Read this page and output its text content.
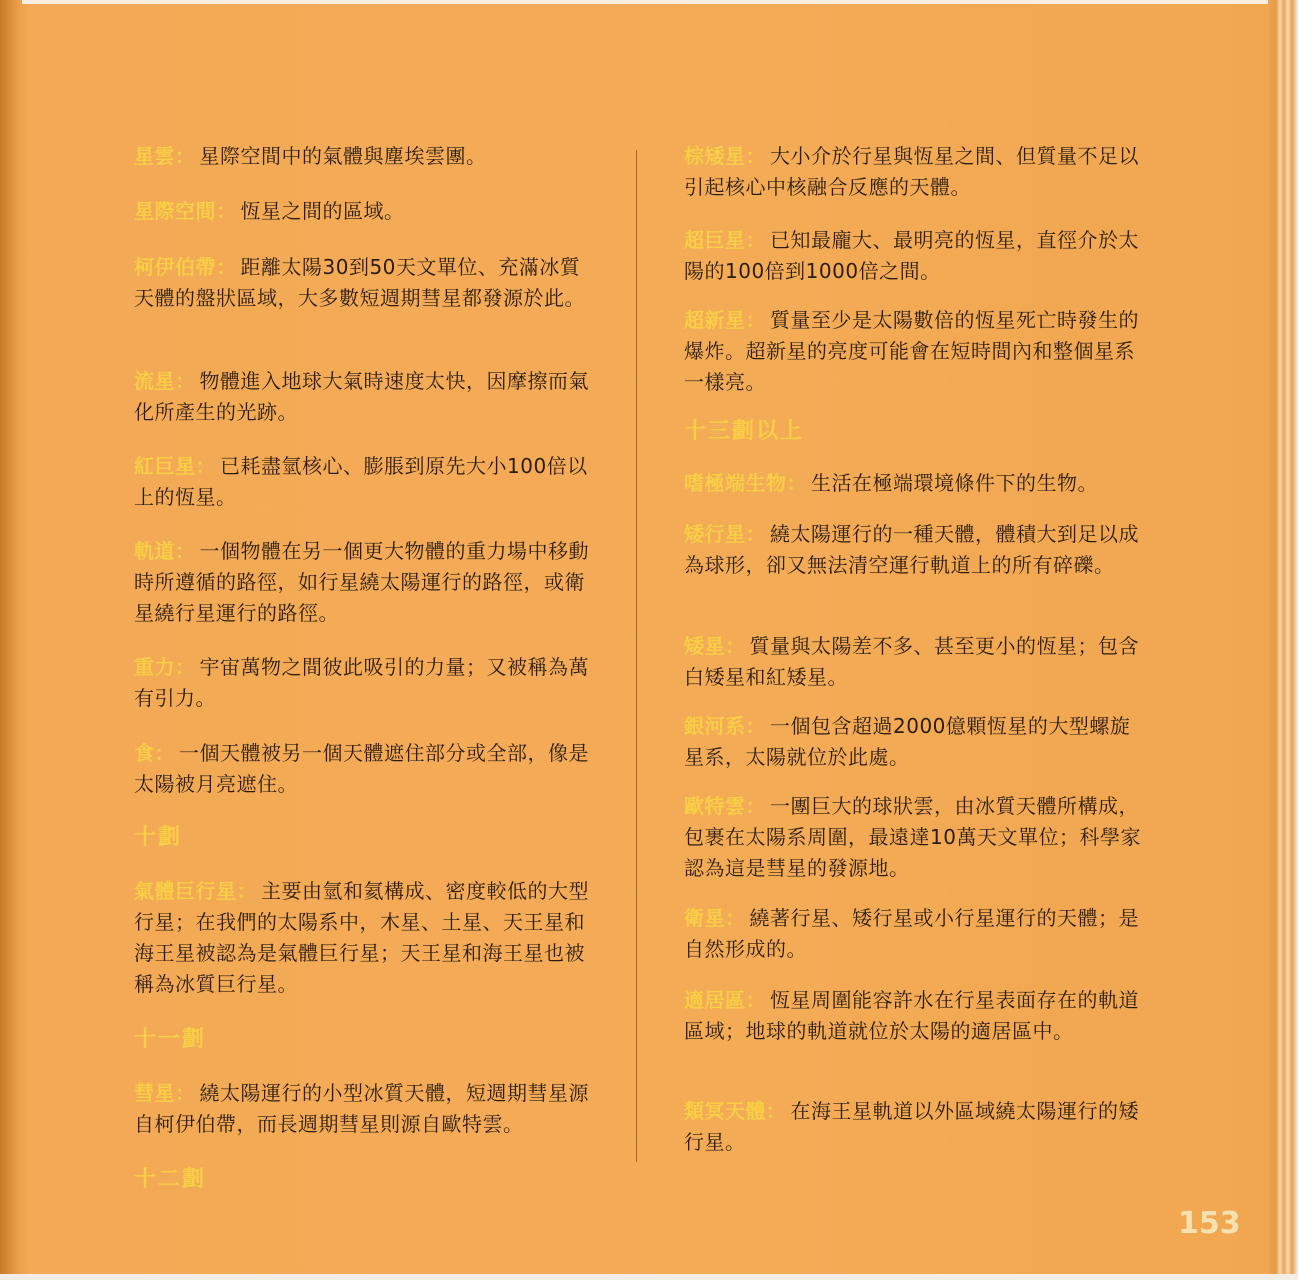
星雲： 星際空間中的氣體與塵埃雲團。
星際空間： 恆星之間的區域。
柯伊伯帶： 距離太陽30到50天文單位、充滿冰質天體的盤狀區域，大多數短週期彗星都發源於此。
流星： 物體進入地球大氣時速度太快，因摩擦而氣化所產生的光跡。
紅巨星： 已耗盡氫核心、膨脹到原先大小100倍以上的恆星。
軌道： 一個物體在另一個更大物體的重力場中移動時所遵循的路徑，如行星繞太陽運行的路徑，或衛星繞行星運行的路徑。
重力： 宇宙萬物之間彼此吸引的力量；又被稱為萬有引力。
食： 一個天體被另一個天體遮住部分或全部，像是太陽被月亮遮住。
十劃
氣體巨行星： 主要由氫和氦構成、密度較低的大型行星；在我們的太陽系中，木星、土星、天王星和海王星被認為是氣體巨行星；天王星和海王星也被稱為冰質巨行星。
十一劃
彗星： 繞太陽運行的小型冰質天體，短週期彗星源自柯伊伯帶，而長週期彗星則源自歐特雲。
十二劃
棕矮星： 大小介於行星與恆星之間、但質量不足以引起核心中核融合反應的天體。
超巨星： 已知最龐大、最明亮的恆星，直徑介於太陽的100倍到1000倍之間。
超新星： 質量至少是太陽數倍的恆星死亡時發生的爆炸。超新星的亮度可能會在短時間內和整個星系一樣亮。
十三劃以上
嗜極端生物： 生活在極端環境條件下的生物。
矮行星： 繞太陽運行的一種天體，體積大到足以成為球形，卻又無法清空運行軌道上的所有碎礫。
矮星： 質量與太陽差不多、甚至更小的恆星；包含白矮星和紅矮星。
銀河系： 一個包含超過2000億顆恆星的大型螺旋星系，太陽就位於此處。
歐特雲： 一團巨大的球狀雲，由冰質天體所構成，包裹在太陽系周圍，最遠達10萬天文單位；科學家認為這是彗星的發源地。
衛星： 繞著行星、矮行星或小行星運行的天體；是自然形成的。
適居區： 恆星周圍能容許水在行星表面存在的軌道區域；地球的軌道就位於太陽的適居區中。
類冥天體： 在海王星軌道以外區域繞太陽運行的矮行星。
153
